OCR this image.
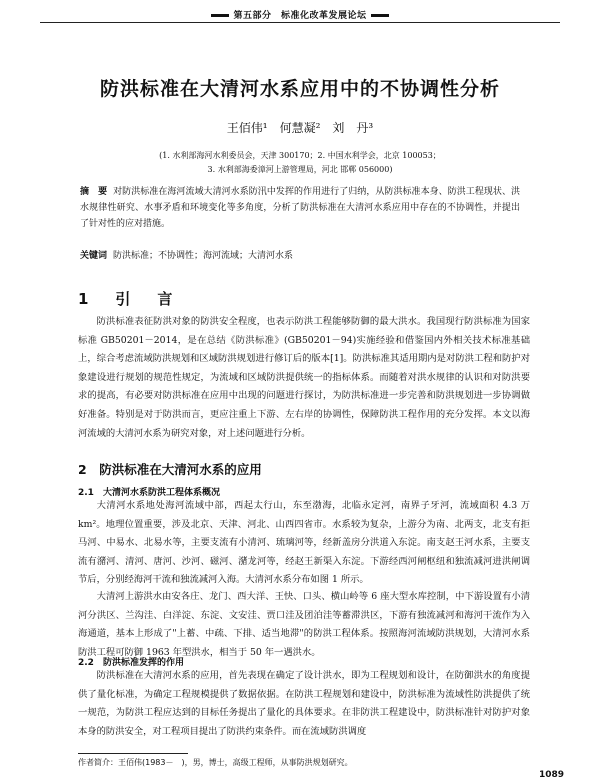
第五部分　标准化改革发展论坛
防洪标准在大清河水系应用中的不协调性分析
王佰伟¹　何慧凝²　刘　丹³
(1. 水利部海河水利委员会，天津 300170；2. 中国水利学会，北京 100053；
3. 水利部海委漳河上游管理局，河北 邯郸 056000)
摘　要 对防洪标准在海河流域大清河水系防汛中发挥的作用进行了归纳，从防洪标准本身、防洪工程现状、洪水规律性研究、水事矛盾和环境变化等多角度，分析了防洪标准在大清河水系应用中存在的不协调性，并提出了针对性的应对措施。
关键词 防洪标准；不协调性；海河流域；大清河水系
1　引　言
防洪标准表征防洪对象的防洪安全程度，也表示防洪工程能够防御的最大洪水。我国现行防洪标准为国家标准 GB50201－2014，是在总结《防洪标准》(GB50201－94)实施经验和借鉴国内外相关技术标准基础上，综合考虑流域防洪规划和区域防洪规划进行修订后的版本[1]。防洪标准其适用期内是对防洪工程和防护对象建设进行规划的规范性规定，为流域和区域防洪提供统一的指标体系。而随着对洪水规律的认识和对防洪要求的提高，有必要对防洪标准在应用中出现的问题进行探讨，为防洪标准进一步完善和防洪规划进一步协调做好准备。特别是对于防洪而言，更应注重上下游、左右岸的协调性，保障防洪工程作用的充分发挥。本文以海河流域的大清河水系为研究对象，对上述问题进行分析。
2　防洪标准在大清河水系的应用
2.1　大清河水系防洪工程体系概况
大清河水系地处海河流域中部，西起太行山，东至渤海，北临永定河，南界子牙河，流域面积 4.3 万 km²。地理位置重要，涉及北京、天津、河北、山西四省市。水系较为复杂，上游分为南、北两支，北支有拒马河、中易水、北易水等，主要支流有小清河、琉璃河等，经新盖房分洪道入东淀。南支赵王河水系，主要支流有潴河、清河、唐河、沙河、磁河、潴龙河等，经赵王新渠入东淀。下游经西河闸枢纽和独流减河进洪闸调节后，分别经海河干流和独流减河入海。大清河水系分布如图 1 所示。
大清河上游洪水由安各庄、龙门、西大洋、王快、口头、横山岭等 6 座大型水库控制，中下游设置有小清河分洪区、兰沟洼、白洋淀、东淀、文安洼、贾口洼及团泊洼等蓄滞洪区，下游有独流减河和海河干流作为入海通道，基本上形成了"上蓄、中疏、下排、适当地滞"的防洪工程体系。按照海河流域防洪规划，大清河水系防洪工程可防御 1963 年型洪水，相当于 50 年一遇洪水。
2.2　防洪标准发挥的作用
防洪标准在大清河水系的应用，首先表现在确定了设计洪水，即为工程规划和设计，在防御洪水的角度提供了量化标准，为确定工程规模提供了数据依据。在防洪工程规划和建设中，防洪标准为流域性防洪提供了统一规范，为防洪工程应达到的目标任务提出了量化的具体要求。在非防洪工程建设中，防洪标准针对防护对象本身的防洪安全，对工程项目提出了防洪约束条件。而在流域防洪调度
作者简介：王佰伟(1983－　)，男，博士，高级工程师，从事防洪规划研究。
1089
